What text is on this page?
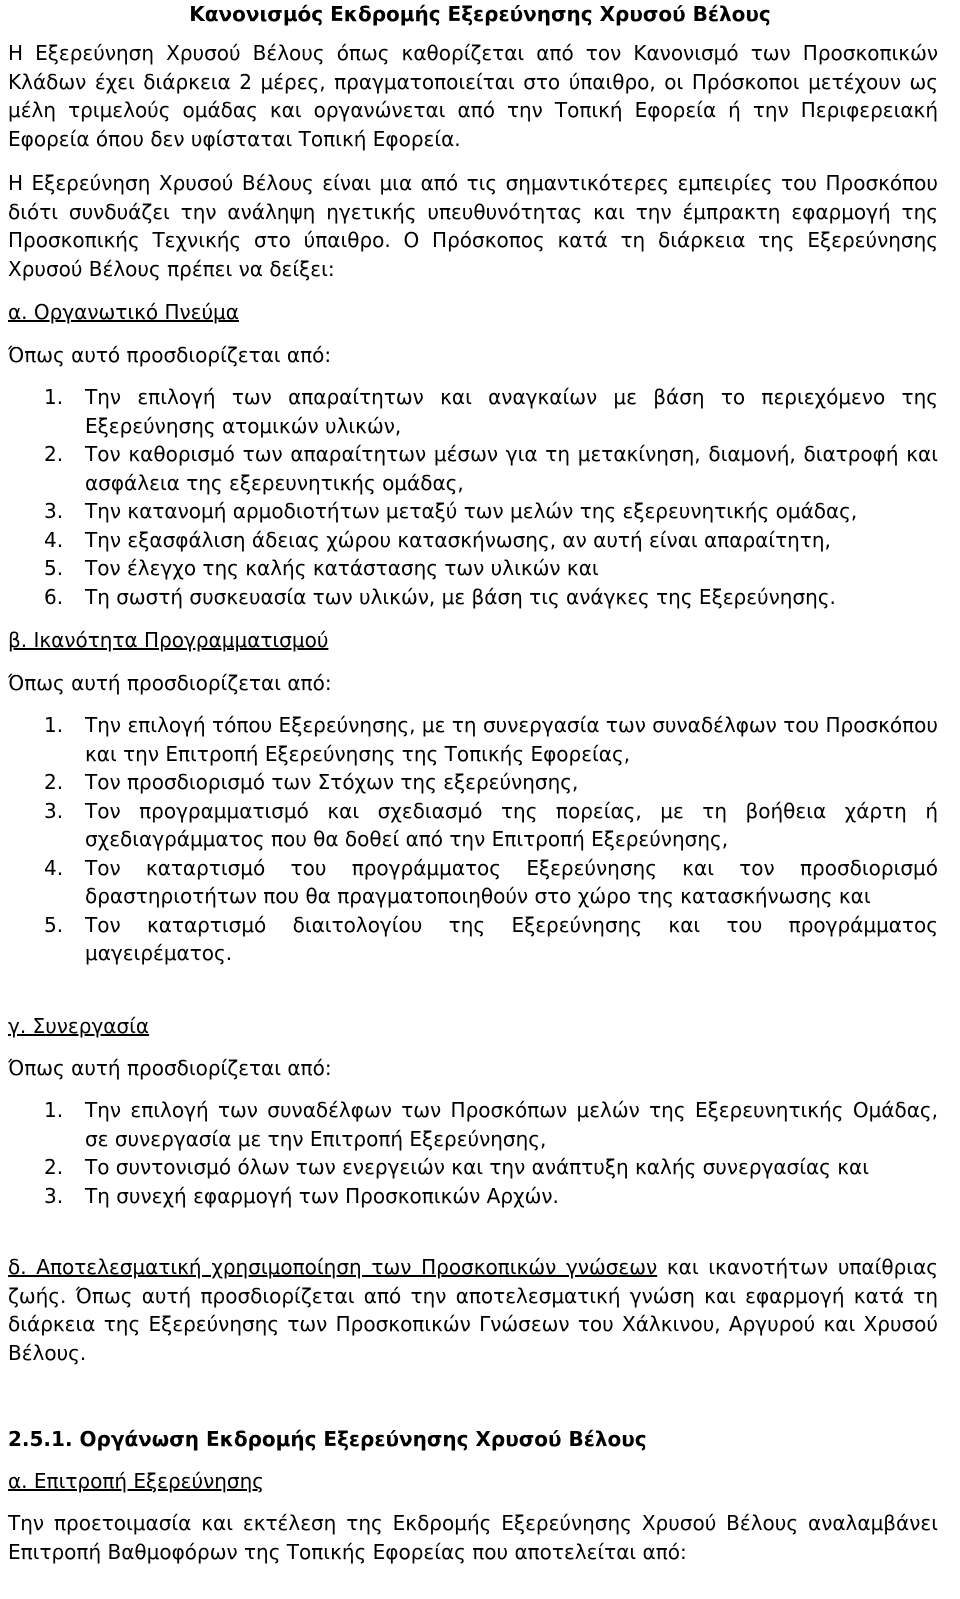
Κανονισμός Εκδρομής Εξερεύνησης Χρυσού Βέλους

Η Εξερεύνηση Χρυσού Βέλους όπως καθορίζεται από τον Κανονισμό των Προσκοπικών Κλάδων έχει διάρκεια 2 μέρες, πραγματοποιείται στο ύπαιθρο, οι Πρόσκοποι μετέχουν ως μέλη τριμελούς ομάδας και οργανώνεται από την Τοπική Εφορεία ή την Περιφερειακή Εφορεία όπου δεν υφίσταται Τοπική Εφορεία.

Η Εξερεύνηση Χρυσού Βέλους είναι μια από τις σημαντικότερες εμπειρίες του Προσκόπου διότι συνδυάζει την ανάληψη ηγετικής υπευθυνότητας και την έμπρακτη εφαρμογή της Προσκοπικής Τεχνικής στο ύπαιθρο. Ο Πρόσκοπος κατά τη διάρκεια της Εξερεύνησης Χρυσού Βέλους πρέπει να δείξει:

α. Οργανωτικό Πνεύμα

Όπως αυτό προσδιορίζεται από:

1. Την επιλογή των απαραίτητων και αναγκαίων με βάση το περιεχόμενο της Εξερεύνησης ατομικών υλικών,
2. Τον καθορισμό των απαραίτητων μέσων για τη μετακίνηση, διαμονή, διατροφή και ασφάλεια της εξερευνητικής ομάδας,
3. Την κατανομή αρμοδιοτήτων μεταξύ των μελών της εξερευνητικής ομάδας,
4. Την εξασφάλιση άδειας χώρου κατασκήνωσης, αν αυτή είναι απαραίτητη,
5. Τον έλεγχο της καλής κατάστασης των υλικών και
6. Τη σωστή συσκευασία των υλικών, με βάση τις ανάγκες της Εξερεύνησης.

β. Ικανότητα Προγραμματισμού

Όπως αυτή προσδιορίζεται από:

1. Την επιλογή τόπου Εξερεύνησης, με τη συνεργασία των συναδέλφων του Προσκόπου και την Επιτροπή Εξερεύνησης της Τοπικής Εφορείας,
2. Τον προσδιορισμό των Στόχων της εξερεύνησης,
3. Τον προγραμματισμό και σχεδιασμό της πορείας, με τη βοήθεια χάρτη ή σχεδιαγράμματος που θα δοθεί από την Επιτροπή Εξερεύνησης,
4. Τον καταρτισμό του προγράμματος Εξερεύνησης και τον προσδιορισμό δραστηριοτήτων που θα πραγματοποιηθούν στο χώρο της κατασκήνωσης και
5. Τον καταρτισμό διαιτολογίου της Εξερεύνησης και του προγράμματος μαγειρέματος.

γ. Συνεργασία

Όπως αυτή προσδιορίζεται από:

1. Την επιλογή των συναδέλφων των Προσκόπων μελών της Εξερευνητικής Ομάδας, σε συνεργασία με την Επιτροπή Εξερεύνησης,
2. Το συντονισμό όλων των ενεργειών και την ανάπτυξη καλής συνεργασίας και
3. Τη συνεχή εφαρμογή των Προσκοπικών Αρχών.

δ. Αποτελεσματική χρησιμοποίηση των Προσκοπικών γνώσεων και ικανοτήτων υπαίθριας ζωής. Όπως αυτή προσδιορίζεται από την αποτελεσματική γνώση και εφαρμογή κατά τη διάρκεια της Εξερεύνησης των Προσκοπικών Γνώσεων του Χάλκινου, Αργυρού και Χρυσού Βέλους.

2.5.1. Οργάνωση Εκδρομής Εξερεύνησης Χρυσού Βέλους

α. Επιτροπή Εξερεύνησης

Την προετοιμασία και εκτέλεση της Εκδρομής Εξερεύνησης Χρυσού Βέλους αναλαμβάνει Επιτροπή Βαθμοφόρων της Τοπικής Εφορείας που αποτελείται από:
